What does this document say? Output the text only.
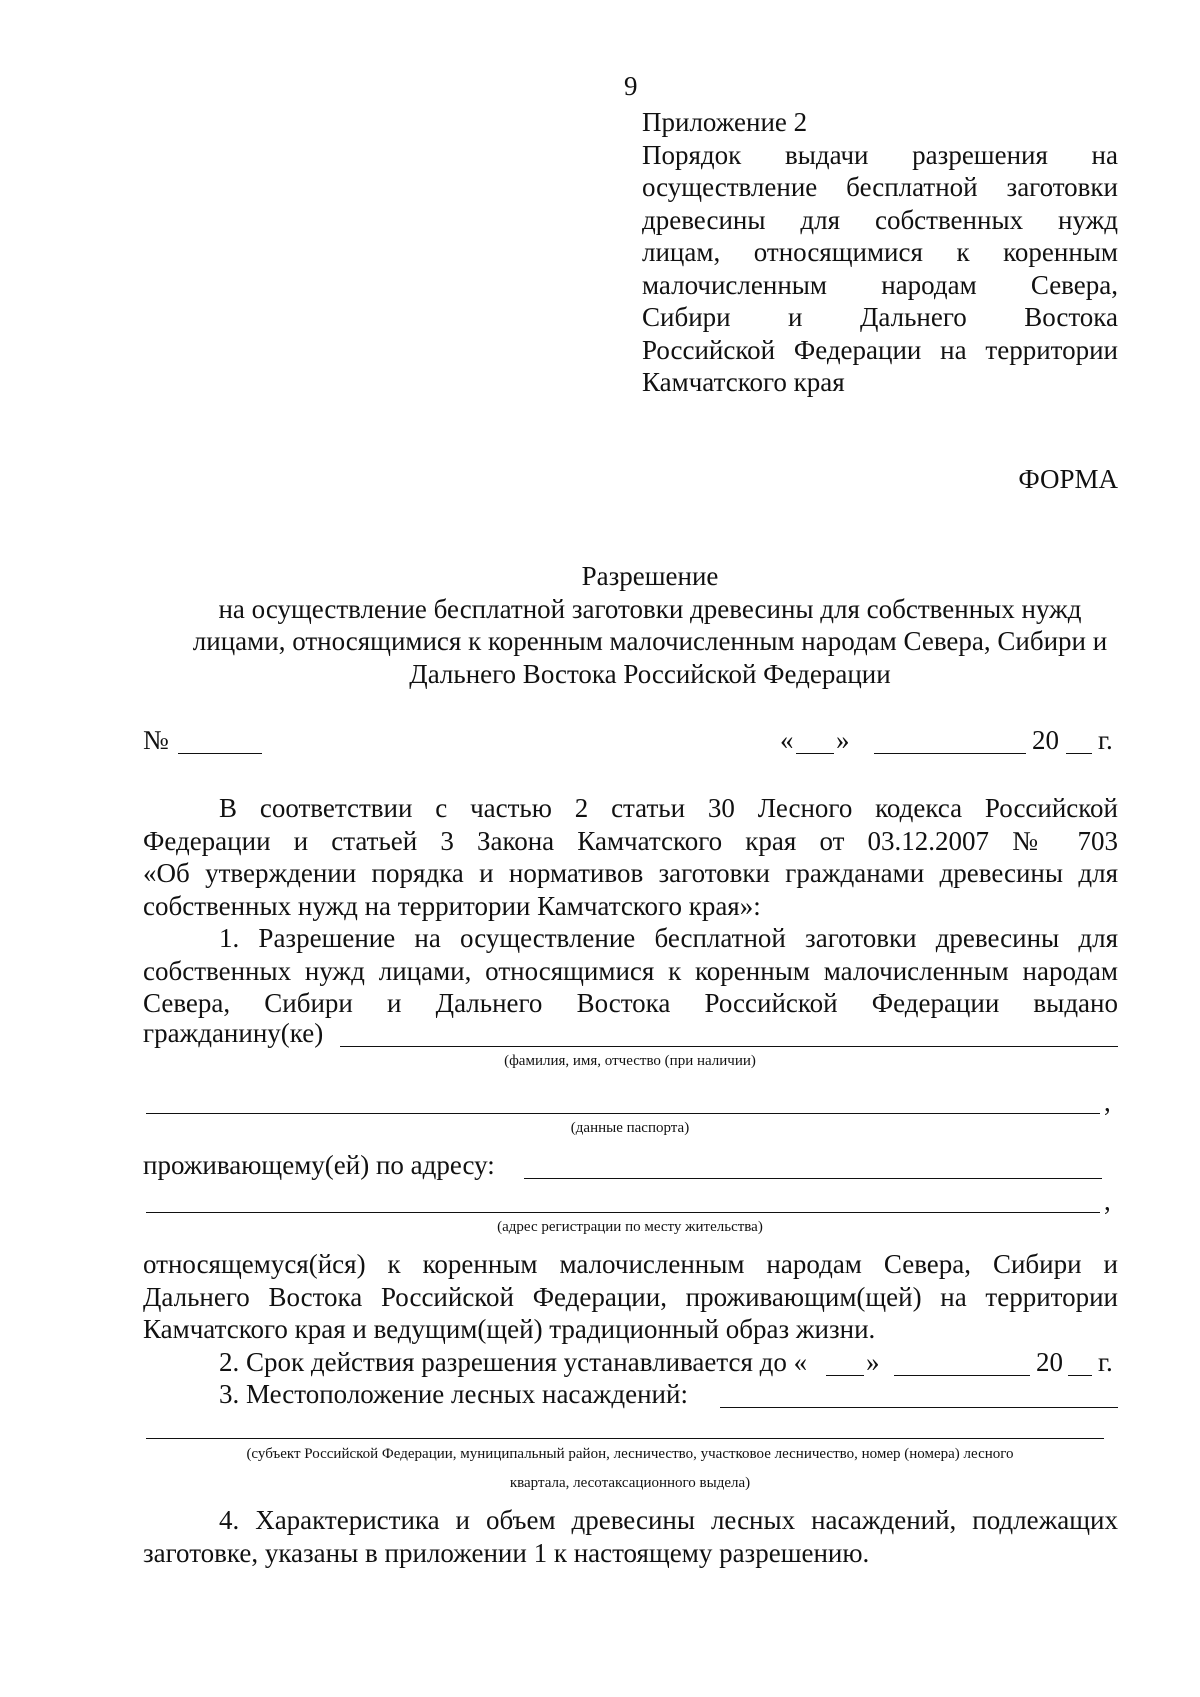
9
Приложение 2
Порядок выдачи разрешения на
осуществление бесплатной заготовки
древесины для собственных нужд
лицам, относящимися к коренным
малочисленным народам Севера,
Сибири и Дальнего Востока
Российской Федерации на территории
Камчатского края
ФОРМА
Разрешение
на осуществление бесплатной заготовки древесины для собственных нужд
лицами, относящимися к коренным малочисленным народам Севера, Сибири и
Дальнего Востока Российской Федерации
№	« »	20 г.
В соответствии с частью 2 статьи 30 Лесного кодекса Российской
Федерации и статьей 3 Закона Камчатского края от 03.12.2007 № 703
«Об утверждении порядка и нормативов заготовки гражданами древесины для
собственных нужд на территории Камчатского края»:
1. Разрешение на осуществление бесплатной заготовки древесины для
собственных нужд лицами, относящимися к коренным малочисленным народам
Севера, Сибири и Дальнего Востока Российской Федерации выдано
гражданину(ке)
(фамилия, имя, отчество (при наличии)
,
(данные паспорта)
проживающему(ей) по адресу:
,
(адрес регистрации по месту жительства)
относящемуся(йся) к коренным малочисленным народам Севера, Сибири и
Дальнего Востока Российской Федерации, проживающим(щей) на территории
Камчатского края и ведущим(щей) традиционный образ жизни.
2. Срок действия разрешения устанавливается до « »	20 г.
3. Местоположение лесных насаждений:
(субъект Российской Федерации, муниципальный район, лесничество, участковое лесничество, номер (номера) лесного
квартала, лесотаксационного выдела)
4. Характеристика и объем древесины лесных насаждений, подлежащих
заготовке, указаны в приложении 1 к настоящему разрешению.
